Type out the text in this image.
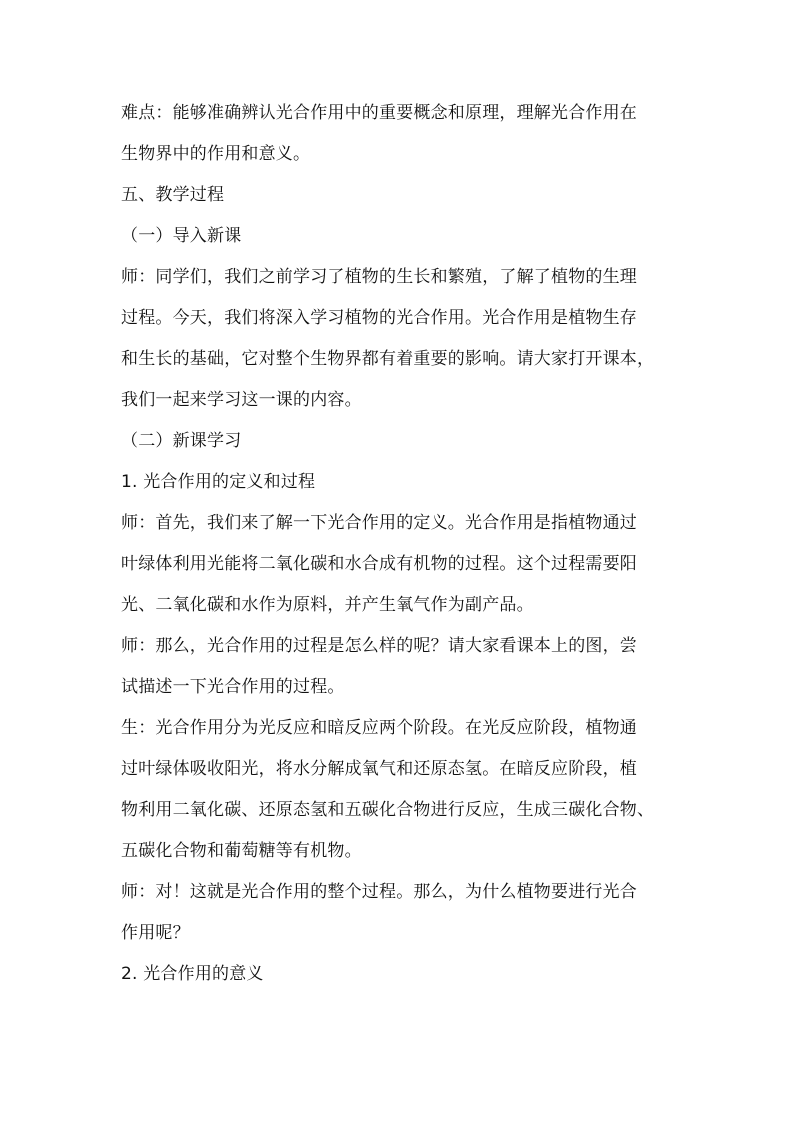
难点：能够准确辨认光合作用中的重要概念和原理，理解光合作用在
生物界中的作用和意义。
五、教学过程
（一）导入新课
师：同学们，我们之前学习了植物的生长和繁殖，了解了植物的生理
过程。今天，我们将深入学习植物的光合作用。光合作用是植物生存
和生长的基础，它对整个生物界都有着重要的影响。请大家打开课本，
我们一起来学习这一课的内容。
（二）新课学习
1. 光合作用的定义和过程
师：首先，我们来了解一下光合作用的定义。光合作用是指植物通过
叶绿体利用光能将二氧化碳和水合成有机物的过程。这个过程需要阳
光、二氧化碳和水作为原料，并产生氧气作为副产品。
师：那么，光合作用的过程是怎么样的呢？请大家看课本上的图，尝
试描述一下光合作用的过程。
生：光合作用分为光反应和暗反应两个阶段。在光反应阶段，植物通
过叶绿体吸收阳光，将水分解成氧气和还原态氢。在暗反应阶段，植
物利用二氧化碳、还原态氢和五碳化合物进行反应，生成三碳化合物、
五碳化合物和葡萄糖等有机物。
师：对！这就是光合作用的整个过程。那么，为什么植物要进行光合
作用呢？
2. 光合作用的意义
